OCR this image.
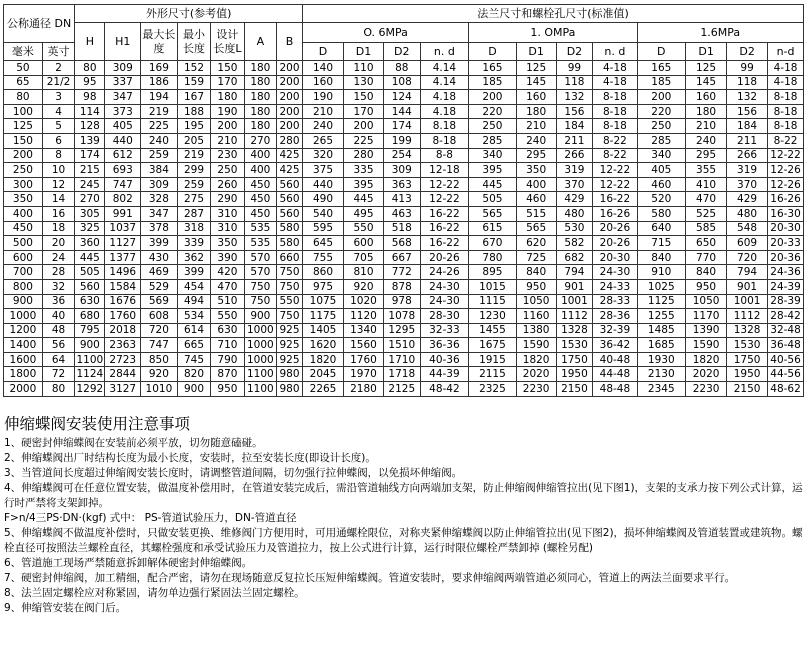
公称通径 DN		外形尺寸(参考值)							法兰尺寸和螺栓孔尺寸(标准值)											
		H	H1	最大长度	最小长度	设计长度L	A	B	O. 6MPa				1. OMPa				1.6MPa			
毫米	英寸								D	D1	D2	n. d	D	D1	D2	n. d	D	D1	D2	n-d
50	2	80	309	169	152	150	180	200	140	110	88	4.14	165	125	99	4-18	165	125	99	4-18
65	21/2	95	337	186	159	170	180	200	160	130	108	4.14	185	145	118	4-18	185	145	118	4-18
80	3	98	347	194	167	180	180	200	190	150	124	4.18	200	160	132	8-18	200	160	132	8-18
100	4	114	373	219	188	190	180	200	210	170	144	4.18	220	180	156	8-18	220	180	156	8-18
125	5	128	405	225	195	200	180	200	240	200	174	8.18	250	210	184	8-18	250	210	184	8-18
150	6	139	440	240	205	210	270	280	265	225	199	8-18	285	240	211	8-22	285	240	211	8-22
200	8	174	612	259	219	230	400	425	320	280	254	8-8	340	295	266	8-22	340	295	266	12-22
250	10	215	693	384	299	250	400	425	375	335	309	12-18	395	350	319	12-22	405	355	319	12-26
300	12	245	747	309	259	260	450	560	440	395	363	12-22	445	400	370	12-22	460	410	370	12-26
350	14	270	802	328	275	290	450	560	490	445	413	12-22	505	460	429	16-22	520	470	429	16-26
400	16	305	991	347	287	310	450	560	540	495	463	16-22	565	515	480	16-26	580	525	480	16-30
450	18	325	1037	378	318	310	535	580	595	550	518	16-22	615	565	530	20-26	640	585	548	20-30
500	20	360	1127	399	339	350	535	580	645	600	568	16-22	670	620	582	20-26	715	650	609	20-33
600	24	445	1377	430	362	390	570	660	755	705	667	20-26	780	725	682	20-30	840	770	720	20-36
700	28	505	1496	469	399	420	570	750	860	810	772	24-26	895	840	794	24-30	910	840	794	24-36
800	32	560	1584	529	454	470	750	750	975	920	878	24-30	1015	950	901	24-33	1025	950	901	24-39
900	36	630	1676	569	494	510	750	550	1075	1020	978	24-30	1115	1050	1001	28-33	1125	1050	1001	28-39
1000	40	680	1760	608	534	550	900	750	1175	1120	1078	28-30	1230	1160	1112	28-36	1255	1170	1112	28-42
1200	48	795	2018	720	614	630	1000	925	1405	1340	1295	32-33	1455	1380	1328	32-39	1485	1390	1328	32-48
1400	56	900	2363	747	665	710	1000	925	1620	1560	1510	36-36	1675	1590	1530	36-42	1685	1590	1530	36-48
1600	64	1100	2723	850	745	790	1000	925	1820	1760	1710	40-36	1915	1820	1750	40-48	1930	1820	1750	40-56
1800	72	1124	2844	920	820	870	1100	980	2045	1970	1718	44-39	2115	2020	1950	44-48	2130	2020	1950	44-56
2000	80	1292	3127	1010	900	950	1100	980	2265	2180	2125	48-42	2325	2230	2150	48-48	2345	2230	2150	48-62
伸缩蝶阀安装使用注意事项

1、硬密封伸缩蝶阀在安装前必须平放，切勿随意磕碰。

2、伸缩蝶阀出厂时结构长度为最小长度，安装时，拉至安装长度(即设计长度)。

3、当管道间长度超过伸缩阀安装长度时，请调整管道间隔，切勿强行拉伸蝶阀，以免损坏伸缩阀。

4、伸缩蝶阀可在任意位置安装，做温度补偿用时，在管道安装完成后，需沿管道轴线方向两端加支架，防止伸缩阀伸缩管拉出(见下图1)，支架的支承力按下列公式计算，运行时严禁将支架卸掉。

F>n/4三PS·DN·(kgf) 式中： PS-管道试验压力，DN-管道直径

5、伸缩蝶阀不做温度补偿时，只做安装更换、维修阀门方便用时，可用通螺栓限位，对称夹紧伸缩蝶阀以防止伸缩管拉出(见下图2)，损坏伸缩蝶阀及管道装置或建筑物。螺栓直径可按照法兰螺栓直径，其螺栓强度和承受试验压力及管道拉力，按上公式进行计算，运行时限位螺栓严禁卸掉 (螺栓另配)

6、管道施工现场严禁随意拆卸解体硬密封伸缩蝶阀。

7、硬密封伸缩阀，加工精细，配合严密，请勿在现场随意反复拉长压短伸缩蝶阀。管道安装时，要求伸缩阀两端管道必须同心，管道上的两法兰面要求平行。

8、法兰固定螺栓应对称紧固，请勿单边强行紧固法兰固定螺栓。

9、伸缩管安装在阀门后。
